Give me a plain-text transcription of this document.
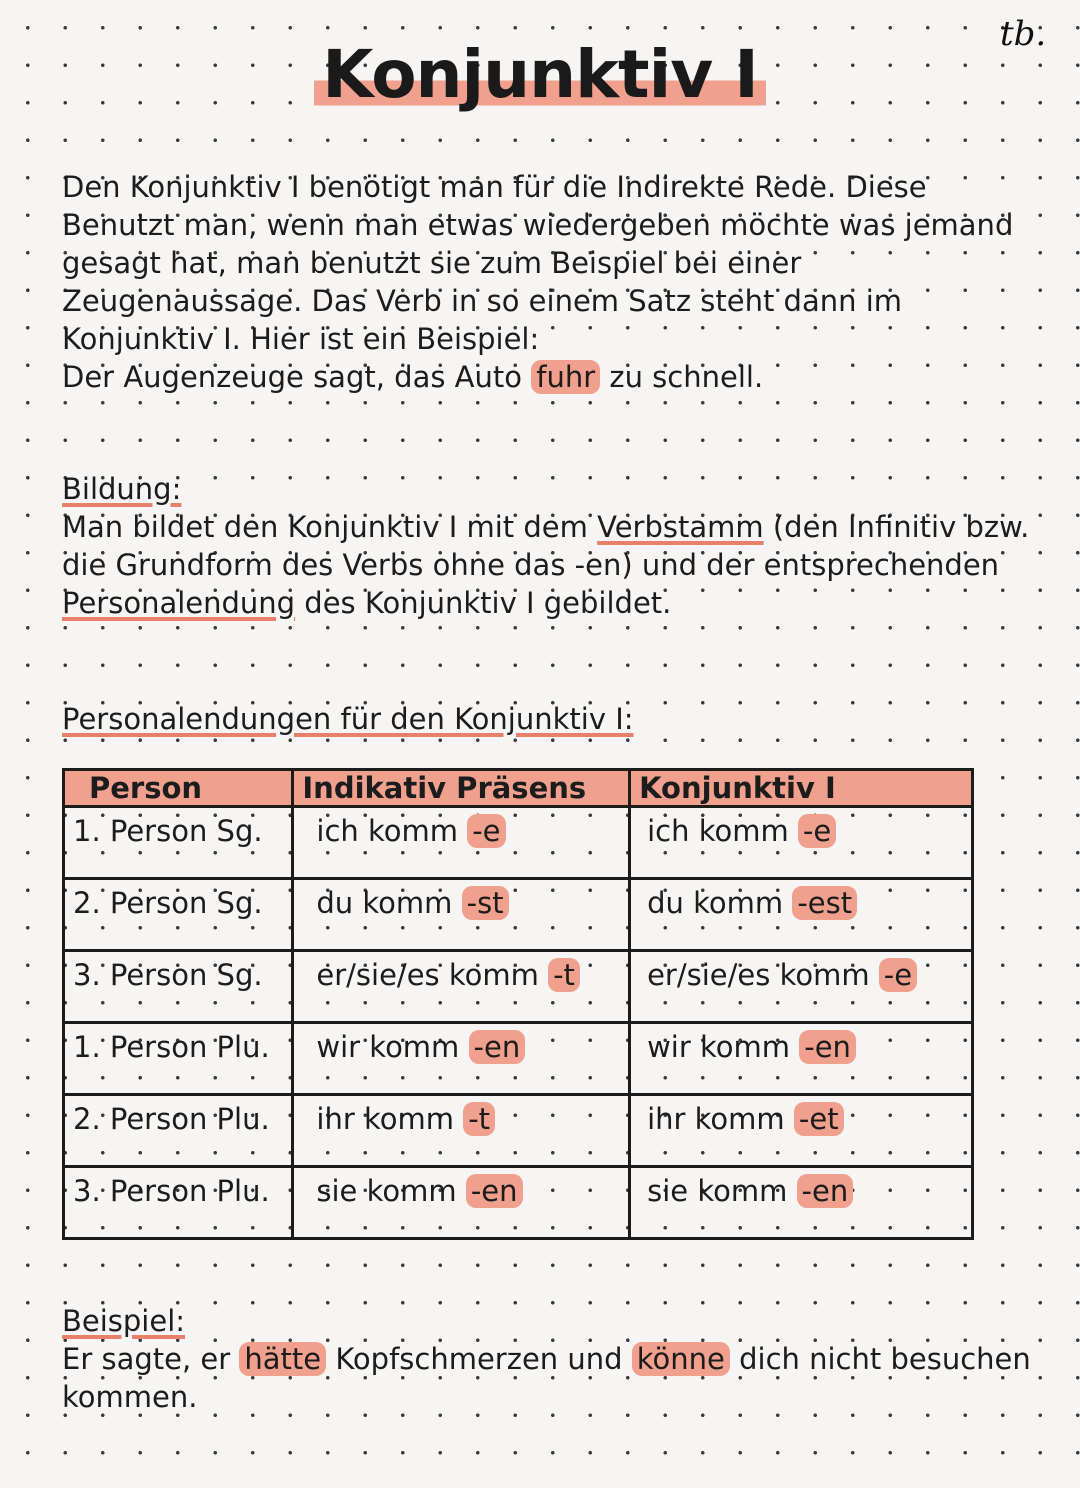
tb.
Konjunktiv I
Den Konjunktiv I benötigt man für die Indirekte Rede. Diese Benutzt man, wenn man etwas wiedergeben möchte was jemand gesagt hat, man benutzt sie zum Beispiel bei einer Zeugenaussage. Das Verb in so einem Satz steht dann im Konjunktiv I. Hier ist ein Beispiel:
Der Augenzeuge sagt, das Auto fuhr zu schnell.
Bildung:
Man bildet den Konjunktiv I mit dem Verbstamm (den Infinitiv bzw. die Grundform des Verbs ohne das -en) und der entsprechenden Personalendung des Konjunktiv I gebildet.
Personalendungen für den Konjunktiv I:
Person	Indikativ Präsens	Konjunktiv I
1. Person Sg.	ich komm -e	ich komm -e
2. Person Sg.	du komm -st	du komm -est
3. Person Sg.	er/sie/es komm -t	er/sie/es komm -e
1. Person Plu.	wir komm -en	wir komm -en
2. Person Plu.	ihr komm -t	ihr komm -et
3. Person Plu.	sie komm -en	sie komm -en
Beispiel:
Er sagte, er hätte Kopfschmerzen und könne dich nicht besuchen kommen.
